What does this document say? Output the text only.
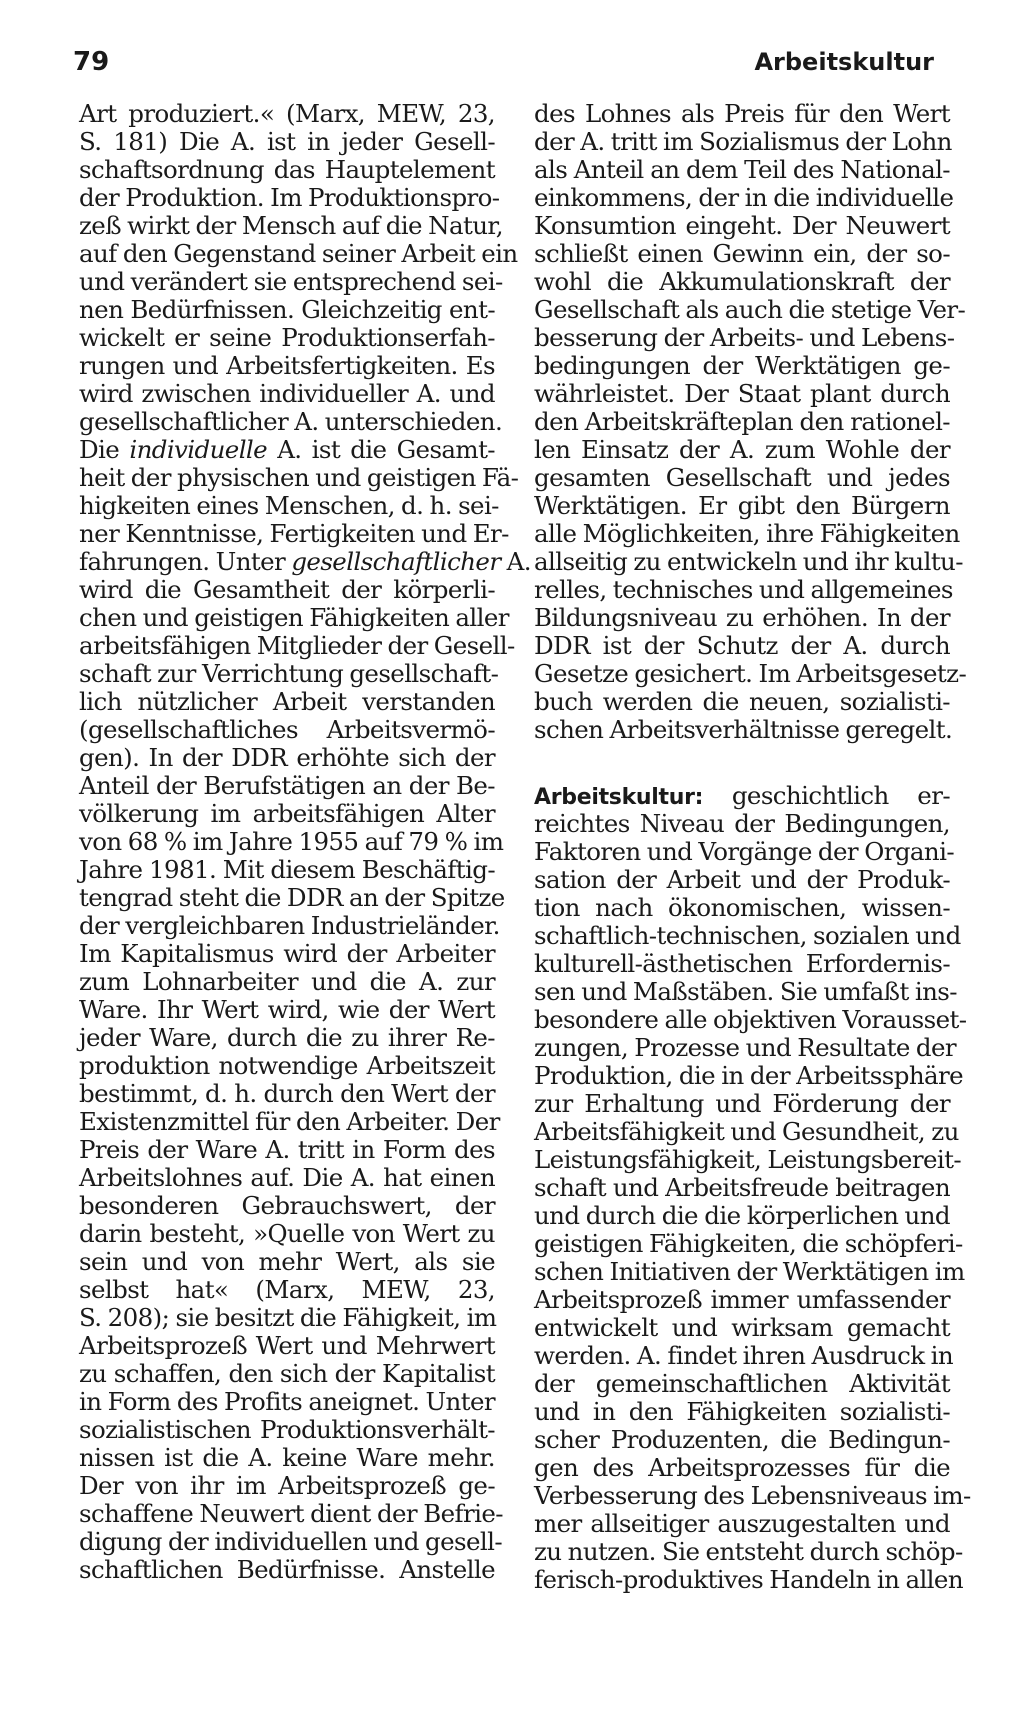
79	Arbeitskultur
Art produziert.« (Marx, MEW, 23,
S. 181) Die A. ist in jeder Gesell-
schaftsordnung das Hauptelement
der Produktion. Im Produktionspro-
zeß wirkt der Mensch auf die Natur,
auf den Gegenstand seiner Arbeit ein
und verändert sie entsprechend sei-
nen Bedürfnissen. Gleichzeitig ent-
wickelt er seine Produktionserfah-
rungen und Arbeitsfertigkeiten. Es
wird zwischen individueller A. und
gesellschaftlicher A. unterschieden.
Die individuelle A. ist die Gesamt-
heit der physischen und geistigen Fä-
higkeiten eines Menschen, d. h. sei-
ner Kenntnisse, Fertigkeiten und Er-
fahrungen. Unter gesellschaftlicher A.
wird die Gesamtheit der körperli-
chen und geistigen Fähigkeiten aller
arbeitsfähigen Mitglieder der Gesell-
schaft zur Verrichtung gesellschaft-
lich nützlicher Arbeit verstanden
(gesellschaftliches Arbeitsvermö-
gen). In der DDR erhöhte sich der
Anteil der Berufstätigen an der Be-
völkerung im arbeitsfähigen Alter
von 68 % im Jahre 1955 auf 79 % im
Jahre 1981. Mit diesem Beschäftig-
tengrad steht die DDR an der Spitze
der vergleichbaren Industrieländer.
Im Kapitalismus wird der Arbeiter
zum Lohnarbeiter und die A. zur
Ware. Ihr Wert wird, wie der Wert
jeder Ware, durch die zu ihrer Re-
produktion notwendige Arbeitszeit
bestimmt, d. h. durch den Wert der
Existenzmittel für den Arbeiter. Der
Preis der Ware A. tritt in Form des
Arbeitslohnes auf. Die A. hat einen
besonderen Gebrauchswert, der
darin besteht, »Quelle von Wert zu
sein und von mehr Wert, als sie
selbst hat« (Marx, MEW, 23,
S. 208); sie besitzt die Fähigkeit, im
Arbeitsprozeß Wert und Mehrwert
zu schaffen, den sich der Kapitalist
in Form des Profits aneignet. Unter
sozialistischen Produktionsverhält-
nissen ist die A. keine Ware mehr.
Der von ihr im Arbeitsprozeß ge-
schaffene Neuwert dient der Befrie-
digung der individuellen und gesell-
schaftlichen Bedürfnisse. Anstelle
des Lohnes als Preis für den Wert
der A. tritt im Sozialismus der Lohn
als Anteil an dem Teil des National-
einkommens, der in die individuelle
Konsumtion eingeht. Der Neuwert
schließt einen Gewinn ein, der so-
wohl die Akkumulationskraft der
Gesellschaft als auch die stetige Ver-
besserung der Arbeits- und Lebens-
bedingungen der Werktätigen ge-
währleistet. Der Staat plant durch
den Arbeitskräfteplan den rationel-
len Einsatz der A. zum Wohle der
gesamten Gesellschaft und jedes
Werktätigen. Er gibt den Bürgern
alle Möglichkeiten, ihre Fähigkeiten
allseitig zu entwickeln und ihr kultu-
relles, technisches und allgemeines
Bildungsniveau zu erhöhen. In der
DDR ist der Schutz der A. durch
Gesetze gesichert. Im Arbeitsgesetz-
buch werden die neuen, sozialisti-
schen Arbeitsverhältnisse geregelt.
Arbeitskultur: geschichtlich er-
reichtes Niveau der Bedingungen,
Faktoren und Vorgänge der Organi-
sation der Arbeit und der Produk-
tion nach ökonomischen, wissen-
schaftlich-technischen, sozialen und
kulturell-ästhetischen Erfordernis-
sen und Maßstäben. Sie umfaßt ins-
besondere alle objektiven Vorausset-
zungen, Prozesse und Resultate der
Produktion, die in der Arbeitssphäre
zur Erhaltung und Förderung der
Arbeitsfähigkeit und Gesundheit, zu
Leistungsfähigkeit, Leistungsbereit-
schaft und Arbeitsfreude beitragen
und durch die die körperlichen und
geistigen Fähigkeiten, die schöpferi-
schen Initiativen der Werktätigen im
Arbeitsprozeß immer umfassender
entwickelt und wirksam gemacht
werden. A. findet ihren Ausdruck in
der gemeinschaftlichen Aktivität
und in den Fähigkeiten sozialisti-
scher Produzenten, die Bedingun-
gen des Arbeitsprozesses für die
Verbesserung des Lebensniveaus im-
mer allseitiger auszugestalten und
zu nutzen. Sie entsteht durch schöp-
ferisch-produktives Handeln in allen
